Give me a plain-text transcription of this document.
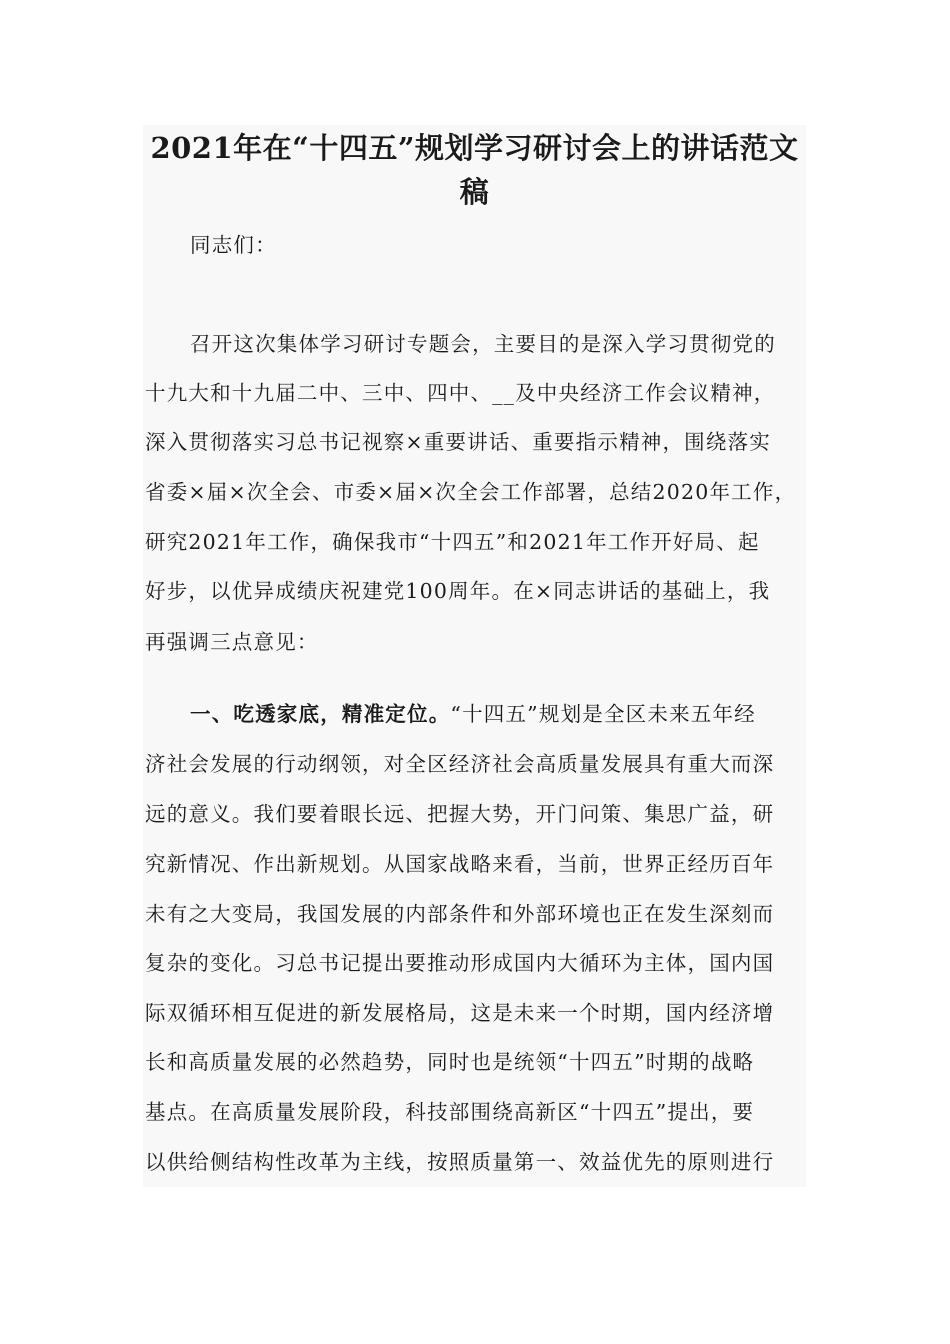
2021年在“十四五”规划学习研讨会上的讲话范文
稿
同志们：
召开这次集体学习研讨专题会，主要目的是深入学习贯彻党的
十九大和十九届二中、三中、四中、__及中央经济工作会议精神，
深入贯彻落实习总书记视察×重要讲话、重要指示精神，围绕落实
省委×届×次全会、市委×届×次全会工作部署，总结2020年工作，
研究2021年工作，确保我市“十四五”和2021年工作开好局、起
好步，以优异成绩庆祝建党100周年。在×同志讲话的基础上，我
再强调三点意见：
一、吃透家底，精准定位。“十四五”规划是全区未来五年经
济社会发展的行动纲领，对全区经济社会高质量发展具有重大而深
远的意义。我们要着眼长远、把握大势，开门问策、集思广益，研
究新情况、作出新规划。从国家战略来看，当前，世界正经历百年
未有之大变局，我国发展的内部条件和外部环境也正在发生深刻而
复杂的变化。习总书记提出要推动形成国内大循环为主体，国内国
际双循环相互促进的新发展格局，这是未来一个时期，国内经济增
长和高质量发展的必然趋势，同时也是统领“十四五”时期的战略
基点。在高质量发展阶段，科技部围绕高新区“十四五”提出，要
以供给侧结构性改革为主线，按照质量第一、效益优先的原则进行
